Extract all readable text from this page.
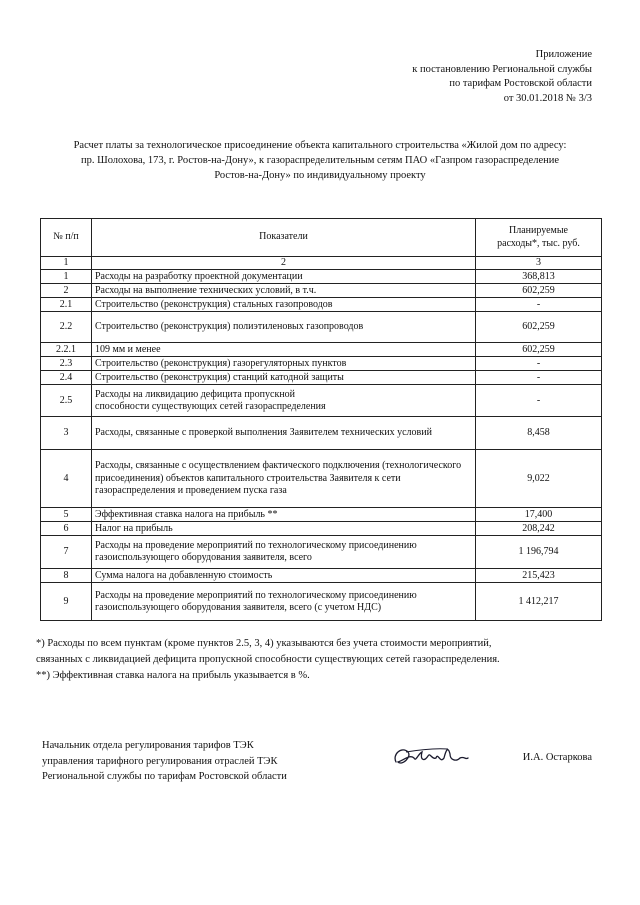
Приложение
к постановлению Региональной службы
по тарифам Ростовской области
от 30.01.2018 № 3/3
Расчет платы за технологическое присоединение объекта капитального строительства «Жилой дом по адресу:
пр. Шолохова, 173, г. Ростов-на-Дону», к газораспределительным сетям ПАО «Газпром газораспределение
Ростов-на-Дону» по индивидуальному проекту
№ п/п	Показатели	Планируемые
расходы*, тыс. руб.

1	2	3
1	Расходы на разработку проектной документации	368,813
2	Расходы на выполнение технических условий, в т.ч.	602,259
2.1	Строительство (реконструкция) стальных газопроводов	-
2.2	Строительство (реконструкция) полиэтиленовых газопроводов	602,259
2.2.1	109 мм и менее	602,259
2.3	Строительство (реконструкция) газорегуляторных пунктов	-
2.4	Строительство (реконструкция) станций катодной защиты	-
2.5	Расходы на ликвидацию дефицита пропускной способности существующих сетей газораспределения	-
3	Расходы, связанные с проверкой выполнения Заявителем технических условий	8,458
4	Расходы, связанные с осуществлением фактического подключения (технологического присоединения) объектов капитального строительства Заявителя к сети газораспределения и проведением пуска газа	9,022
5	Эффективная ставка налога на прибыль **	17,400
6	Налог на прибыль	208,242
7	Расходы на проведение мероприятий по технологическому присоединению газоиспользующего оборудования заявителя, всего	1 196,794
8	Сумма налога на добавленную стоимость	215,423
9	Расходы на проведение мероприятий по технологическому присоединению газоиспользующего оборудования заявителя, всего (с учетом НДС)	1 412,217

*) Расходы по всем пунктам (кроме пунктов 2.5, 3, 4) указываются без учета стоимости мероприятий,

связанных с ликвидацией дефицита пропускной способности существующих сетей газораспределения.

**) Эффективная ставка налога на прибыль указывается в %.

Начальник отдела регулирования тарифов ТЭК
управления тарифного регулирования отраслей ТЭК
Региональной службы по тарифам Ростовской области
И.А. Остаркова
